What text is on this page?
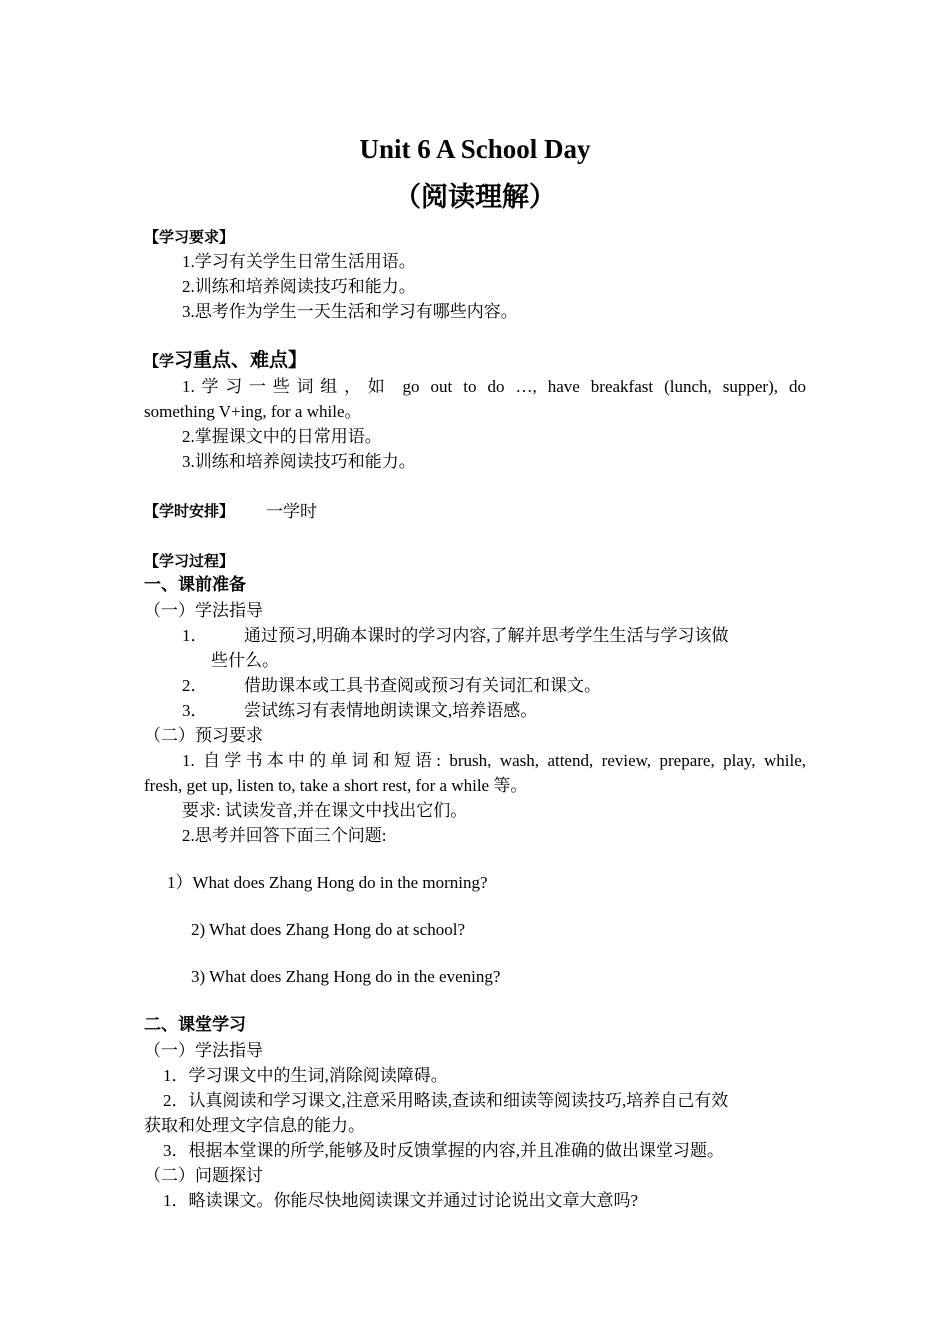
Unit 6 A School Day
（阅读理解）
【学习要求】
1.学习有关学生日常生活用语。
2.训练和培养阅读技巧和能力。
3.思考作为学生一天生活和学习有哪些内容。
【学习重点、难点】
1.学习一些词组，如 go out to do …, have breakfast (lunch, supper), do
something V+ing, for a while。
2.掌握课文中的日常用语。
3.训练和培养阅读技巧和能力。
【学时安排】 一学时
【学习过程】
一、课前准备
（一）学法指导
1． 通过预习,明确本课时的学习内容,了解并思考学生生活与学习该做
些什么。
2． 借助课本或工具书查阅或预习有关词汇和课文。
3． 尝试练习有表情地朗读课文,培养语感。
（二）预习要求
1. 自学书本中的单词和短语: brush, wash, attend, review, prepare, play, while,
fresh, get up, listen to, take a short rest, for a while 等。
要求: 试读发音,并在课文中找出它们。
2.思考并回答下面三个问题:
1）What does Zhang Hong do in the morning?
2) What does Zhang Hong do at school?
3) What does Zhang Hong do in the evening?
二、课堂学习
（一）学法指导
1．学习课文中的生词,消除阅读障碍。
2．认真阅读和学习课文,注意采用略读,查读和细读等阅读技巧,培养自己有效
获取和处理文字信息的能力。
3．根据本堂课的所学,能够及时反馈掌握的内容,并且准确的做出课堂习题。
（二）问题探讨
1．略读课文。你能尽快地阅读课文并通过讨论说出文章大意吗?
